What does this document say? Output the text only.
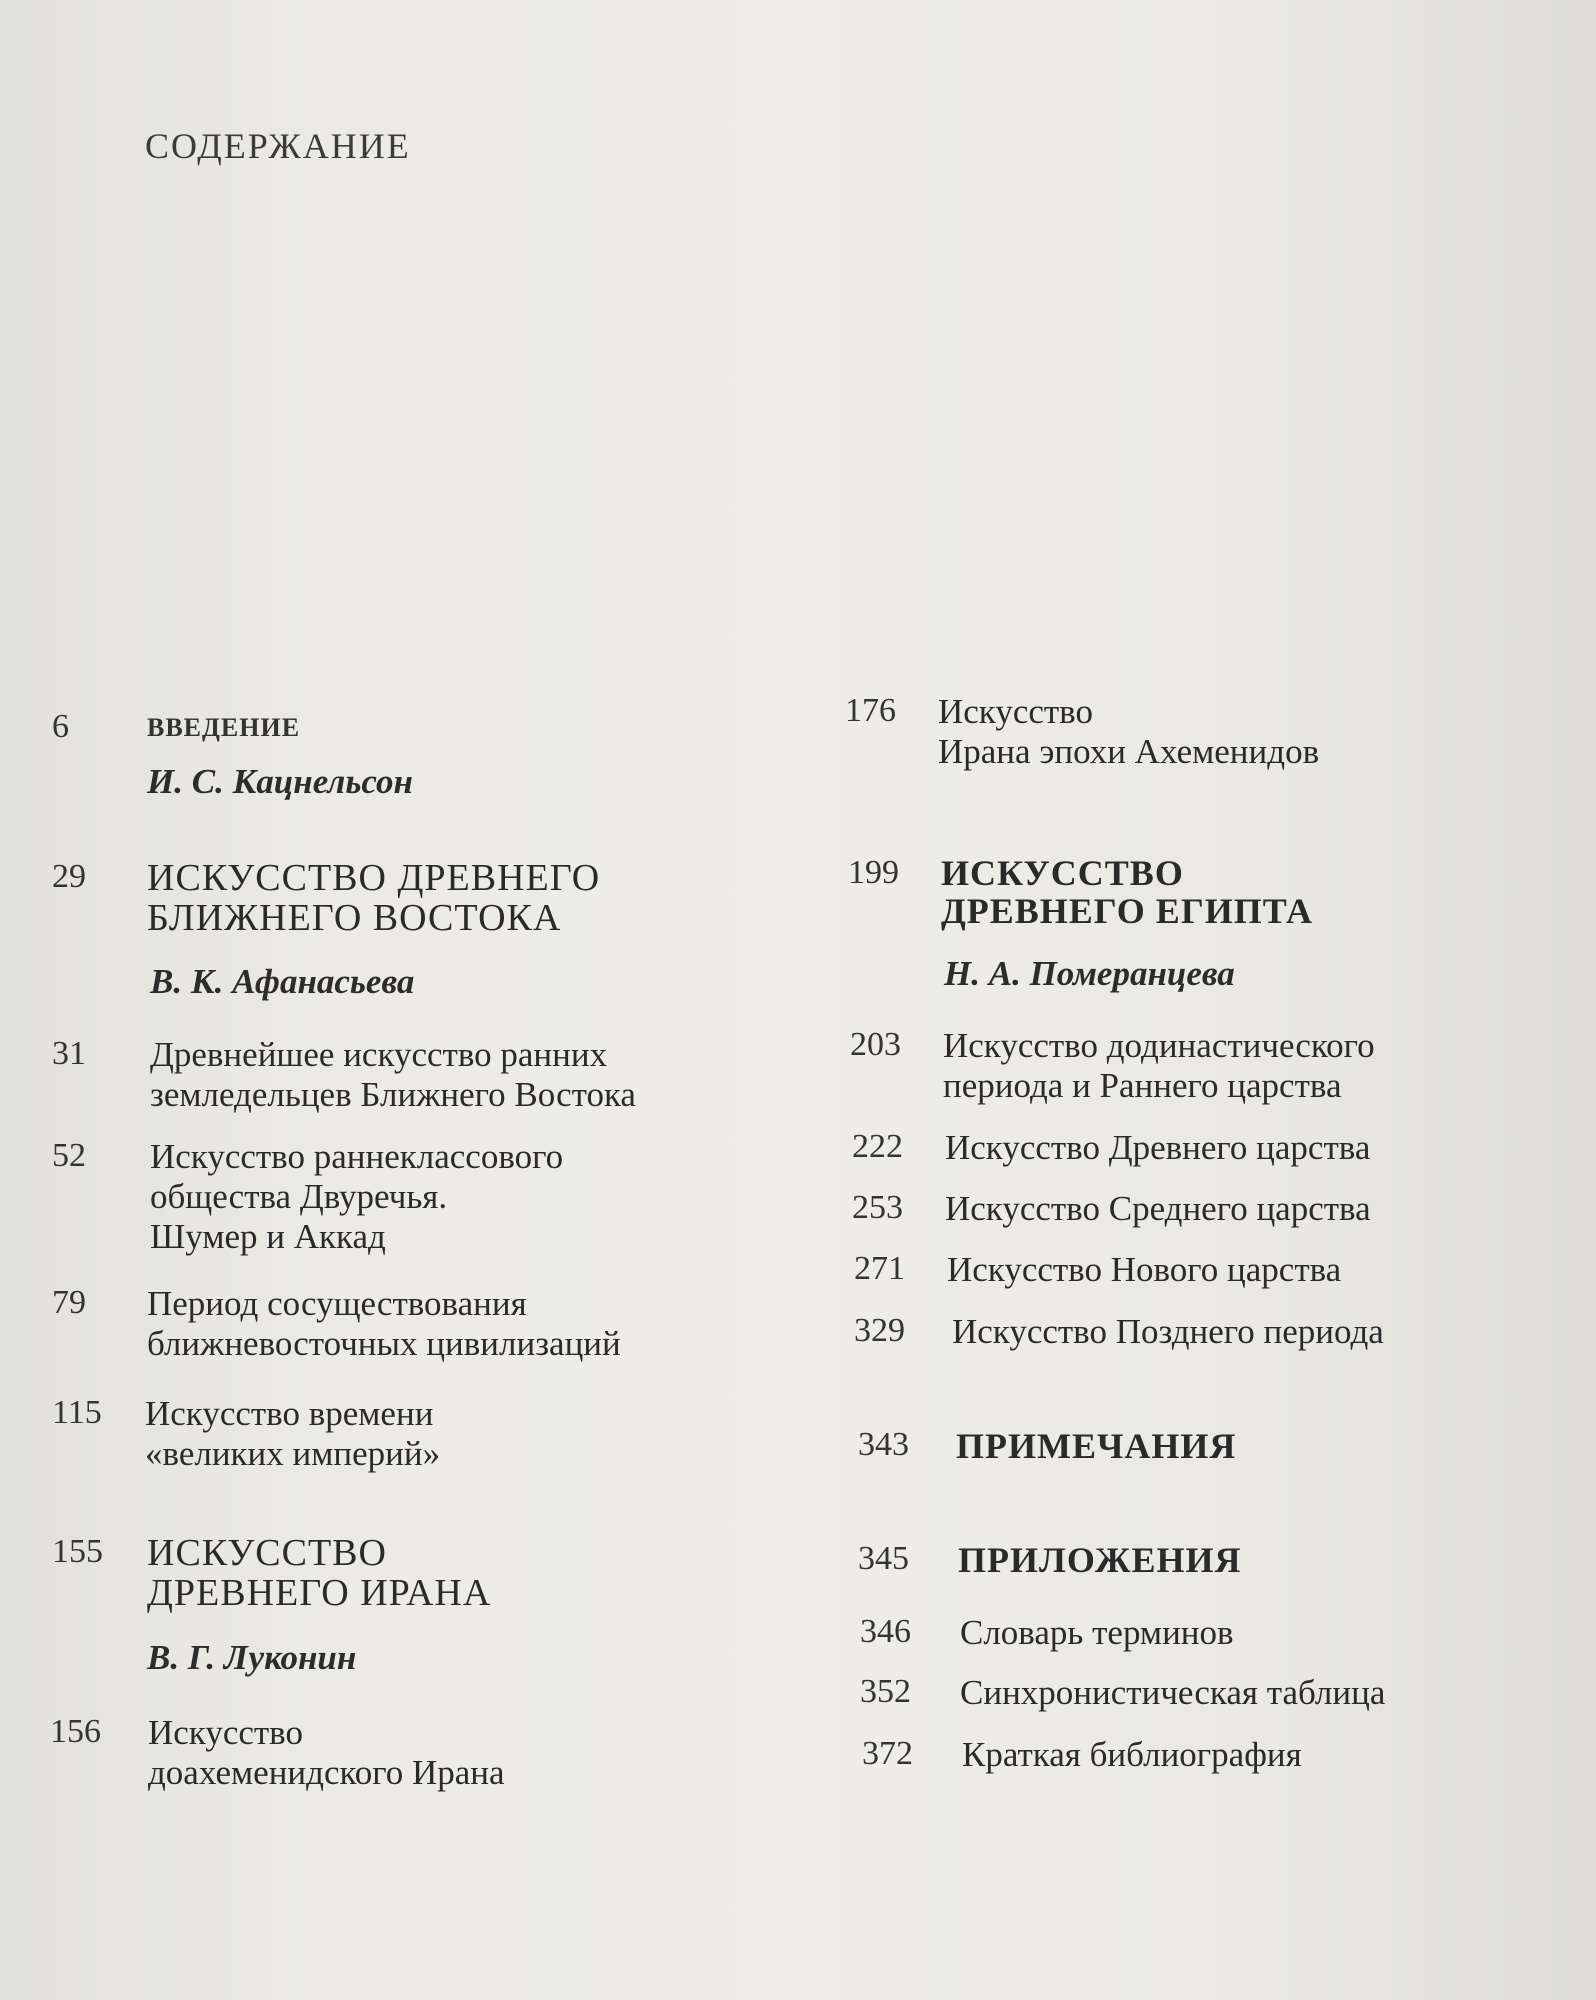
СОДЕРЖАНИЕ
6	ВВЕДЕНИЕ
И. С. Кацнельсон
29	ИСКУССТВО ДРЕВНЕГО
БЛИЖНЕГО ВОСТОКА
В. К. Афанасьева
31	Древнейшее искусство ранних
земледельцев Ближнего Востока
52	Искусство раннеклассового
общества Двуречья.
Шумер и Аккад
79	Период сосуществования
ближневосточных цивилизаций
115	Искусство времени
«великих империй»
155	ИСКУССТВО
ДРЕВНЕГО ИРАНА
В. Г. Луконин
156	Искусство
доахеменидского Ирана
176	Искусство
Ирана эпохи Ахеменидов
199	ИСКУССТВО
ДРЕВНЕГО ЕГИПТА
Н. А. Померанцева
203	Искусство додинастического
периода и Раннего царства
222	Искусство Древнего царства
253	Искусство Среднего царства
271	Искусство Нового царства
329	Искусство Позднего периода
343	ПРИМЕЧАНИЯ
345	ПРИЛОЖЕНИЯ
346	Словарь терминов
352	Синхронистическая таблица
372	Краткая библиография
